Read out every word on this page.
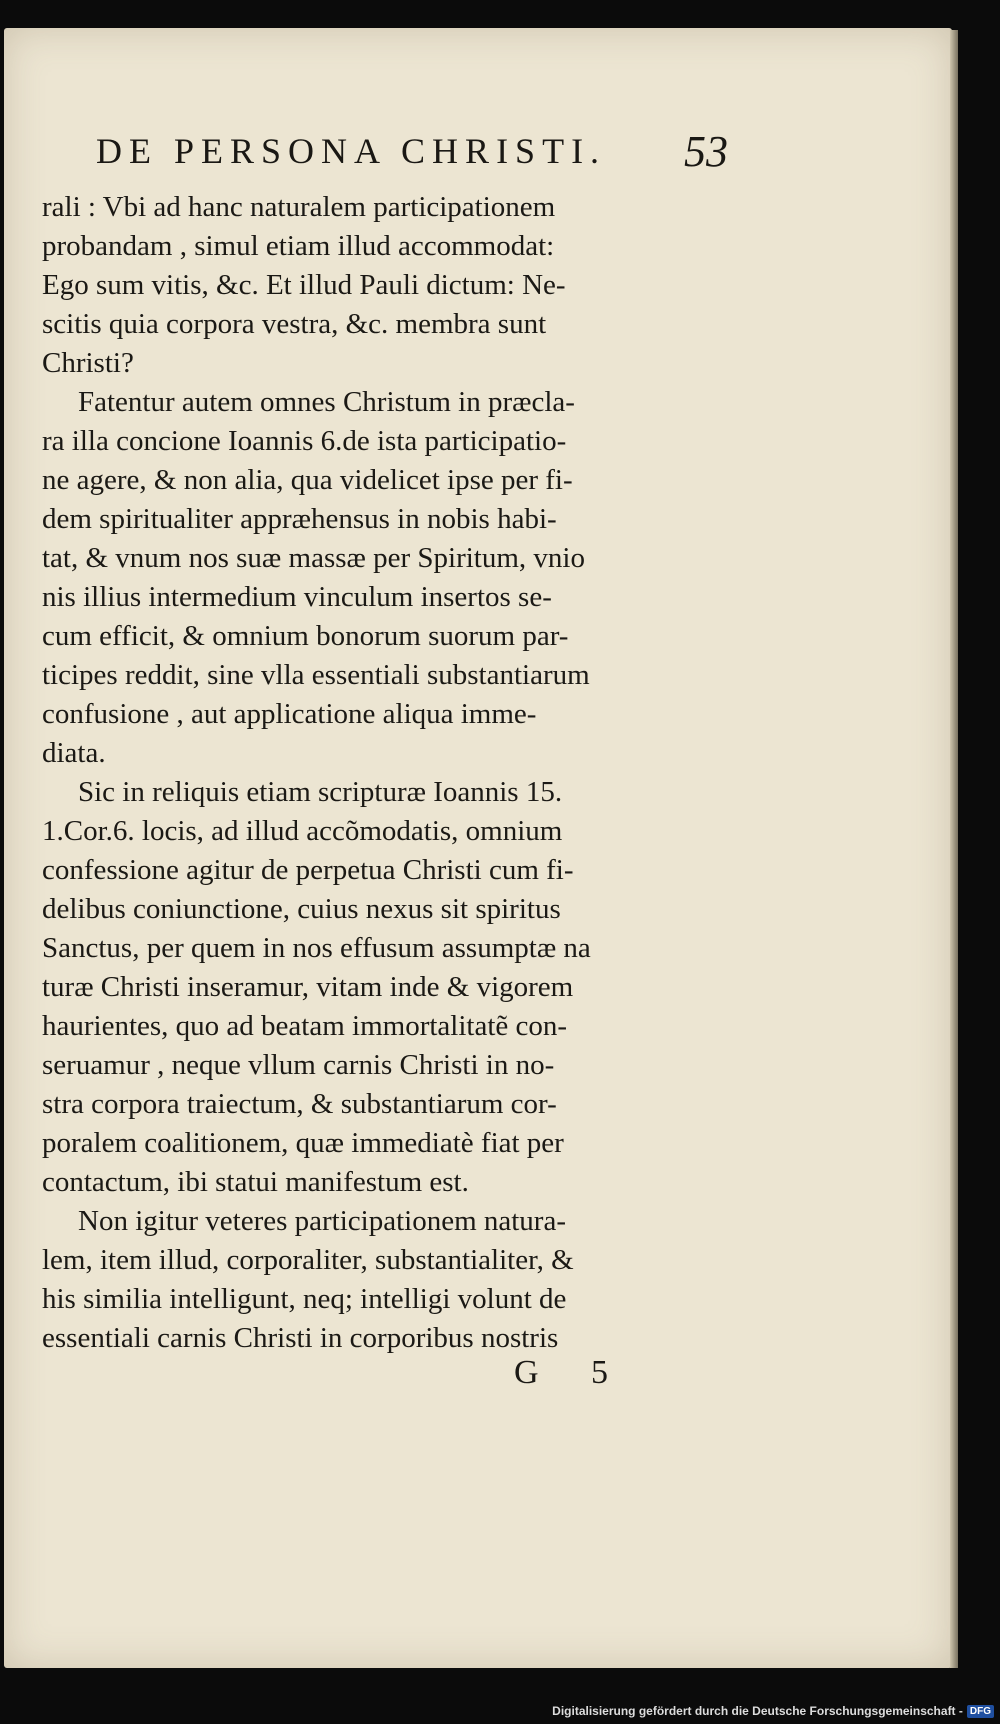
DE PERSONA CHRISTI. 53
rali : Vbi ad hanc naturalem participationem
probandam , simul etiam illud accommodat:
Ego sum vitis, &c. Et illud Pauli dictum: Ne-
scitis quia corpora vestra, &c. membra sunt
Christi?
Fatentur autem omnes Christum in præcla-
ra illa concione Ioannis 6.de ista participatio-
ne agere, & non alia, qua videlicet ipse per fi-
dem spiritualiter appræhensus in nobis habi-
tat, & vnum nos suæ massæ per Spiritum, vnio
nis illius intermedium vinculum insertos se-
cum efficit, & omnium bonorum suorum par-
ticipes reddit, sine vlla essentiali substantiarum
confusione , aut applicatione aliqua imme-
diata.
Sic in reliquis etiam scripturæ Ioannis 15.
1.Cor.6. locis, ad illud accõmodatis, omnium
confessione agitur de perpetua Christi cum fi-
delibus coniunctione, cuius nexus sit spiritus
Sanctus, per quem in nos effusum assumptæ na
turæ Christi inseramur, vitam inde & vigorem
haurientes, quo ad beatam immortalitatẽ con-
seruamur , neque vllum carnis Christi in no-
stra corpora traiectum, & substantiarum cor-
poralem coalitionem, quæ immediatè fiat per
contactum, ibi statui manifestum est.
Non igitur veteres participationem natura-
lem, item illud, corporaliter, substantialiter, &
his similia intelligunt, neq; intelligi volunt de
essentiali carnis Christi in corporibus nostris
G 5
Digitalisierung gefördert durch die Deutsche Forschungsgemeinschaft - DFG
